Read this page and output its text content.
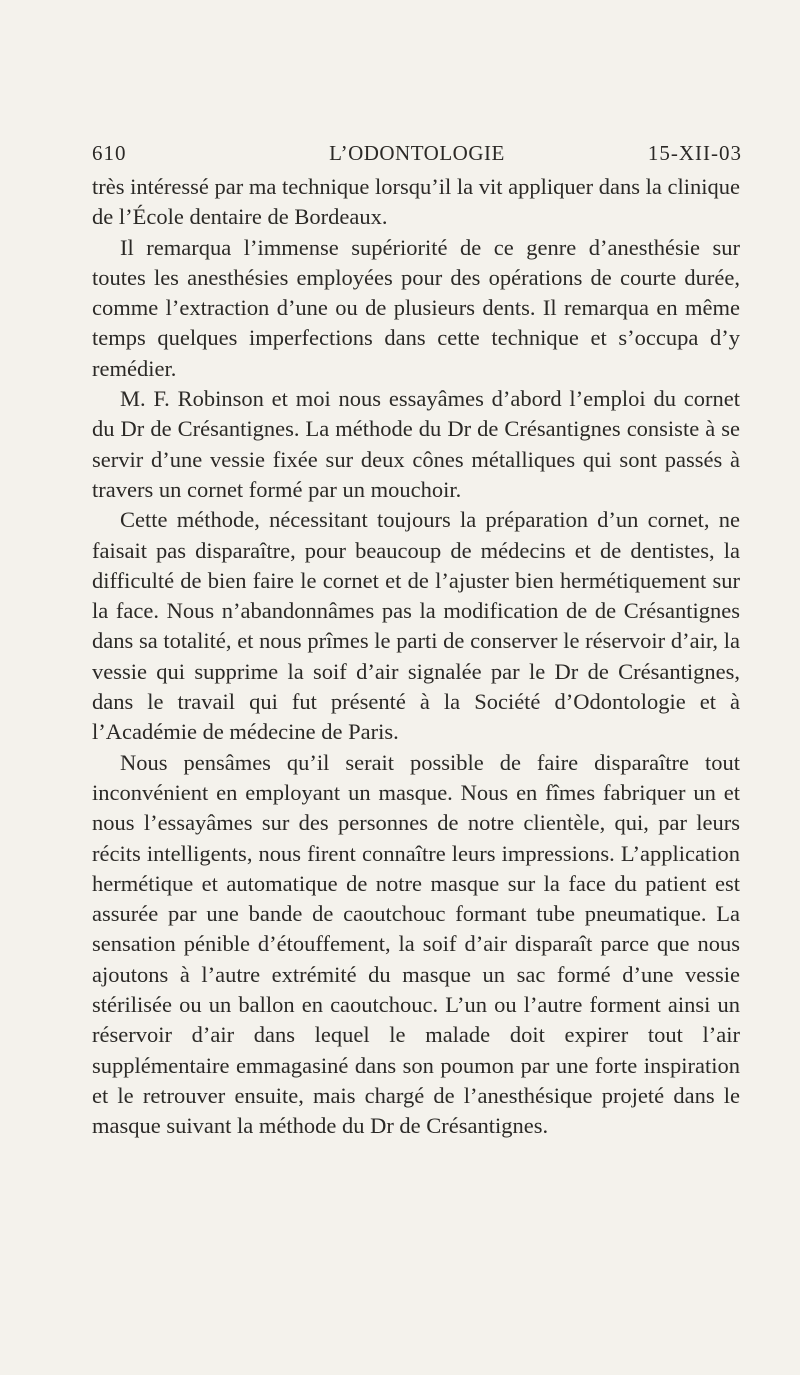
610	L’ODONTOLOGIE	15-XII-03

très intéressé par ma technique lorsqu’il la vit appliquer dans la clinique de l’École dentaire de Bordeaux.

Il remarqua l’immense supériorité de ce genre d’anesthésie sur toutes les anesthésies employées pour des opérations de courte durée, comme l’extraction d’une ou de plusieurs dents. Il remarqua en même temps quelques imperfections dans cette technique et s’occupa d’y remédier.

M. F. Robinson et moi nous essayâmes d’abord l’emploi du cornet du Dr de Crésantignes. La méthode du Dr de Crésantignes consiste à se servir d’une vessie fixée sur deux cônes métalliques qui sont passés à travers un cornet formé par un mouchoir.

Cette méthode, nécessitant toujours la préparation d’un cornet, ne faisait pas disparaître, pour beaucoup de médecins et de dentistes, la difficulté de bien faire le cornet et de l’ajuster bien hermétiquement sur la face. Nous n’abandonnâmes pas la modification de de Crésantignes dans sa totalité, et nous prîmes le parti de conserver le réservoir d’air, la vessie qui supprime la soif d’air signalée par le Dr de Crésantignes, dans le travail qui fut présenté à la Société d’Odontologie et à l’Académie de médecine de Paris.

Nous pensâmes qu’il serait possible de faire disparaître tout inconvénient en employant un masque. Nous en fîmes fabriquer un et nous l’essayâmes sur des personnes de notre clientèle, qui, par leurs récits intelligents, nous firent connaître leurs impressions. L’application hermétique et automatique de notre masque sur la face du patient est assurée par une bande de caoutchouc formant tube pneumatique. La sensation pénible d’étouffement, la soif d’air disparaît parce que nous ajoutons à l’autre extrémité du masque un sac formé d’une vessie stérilisée ou un ballon en caoutchouc. L’un ou l’autre forment ainsi un réservoir d’air dans lequel le malade doit expirer tout l’air supplémentaire emmagasiné dans son poumon par une forte inspiration et le retrouver ensuite, mais chargé de l’anesthésique projeté dans le masque suivant la méthode du Dr de Crésantignes.
